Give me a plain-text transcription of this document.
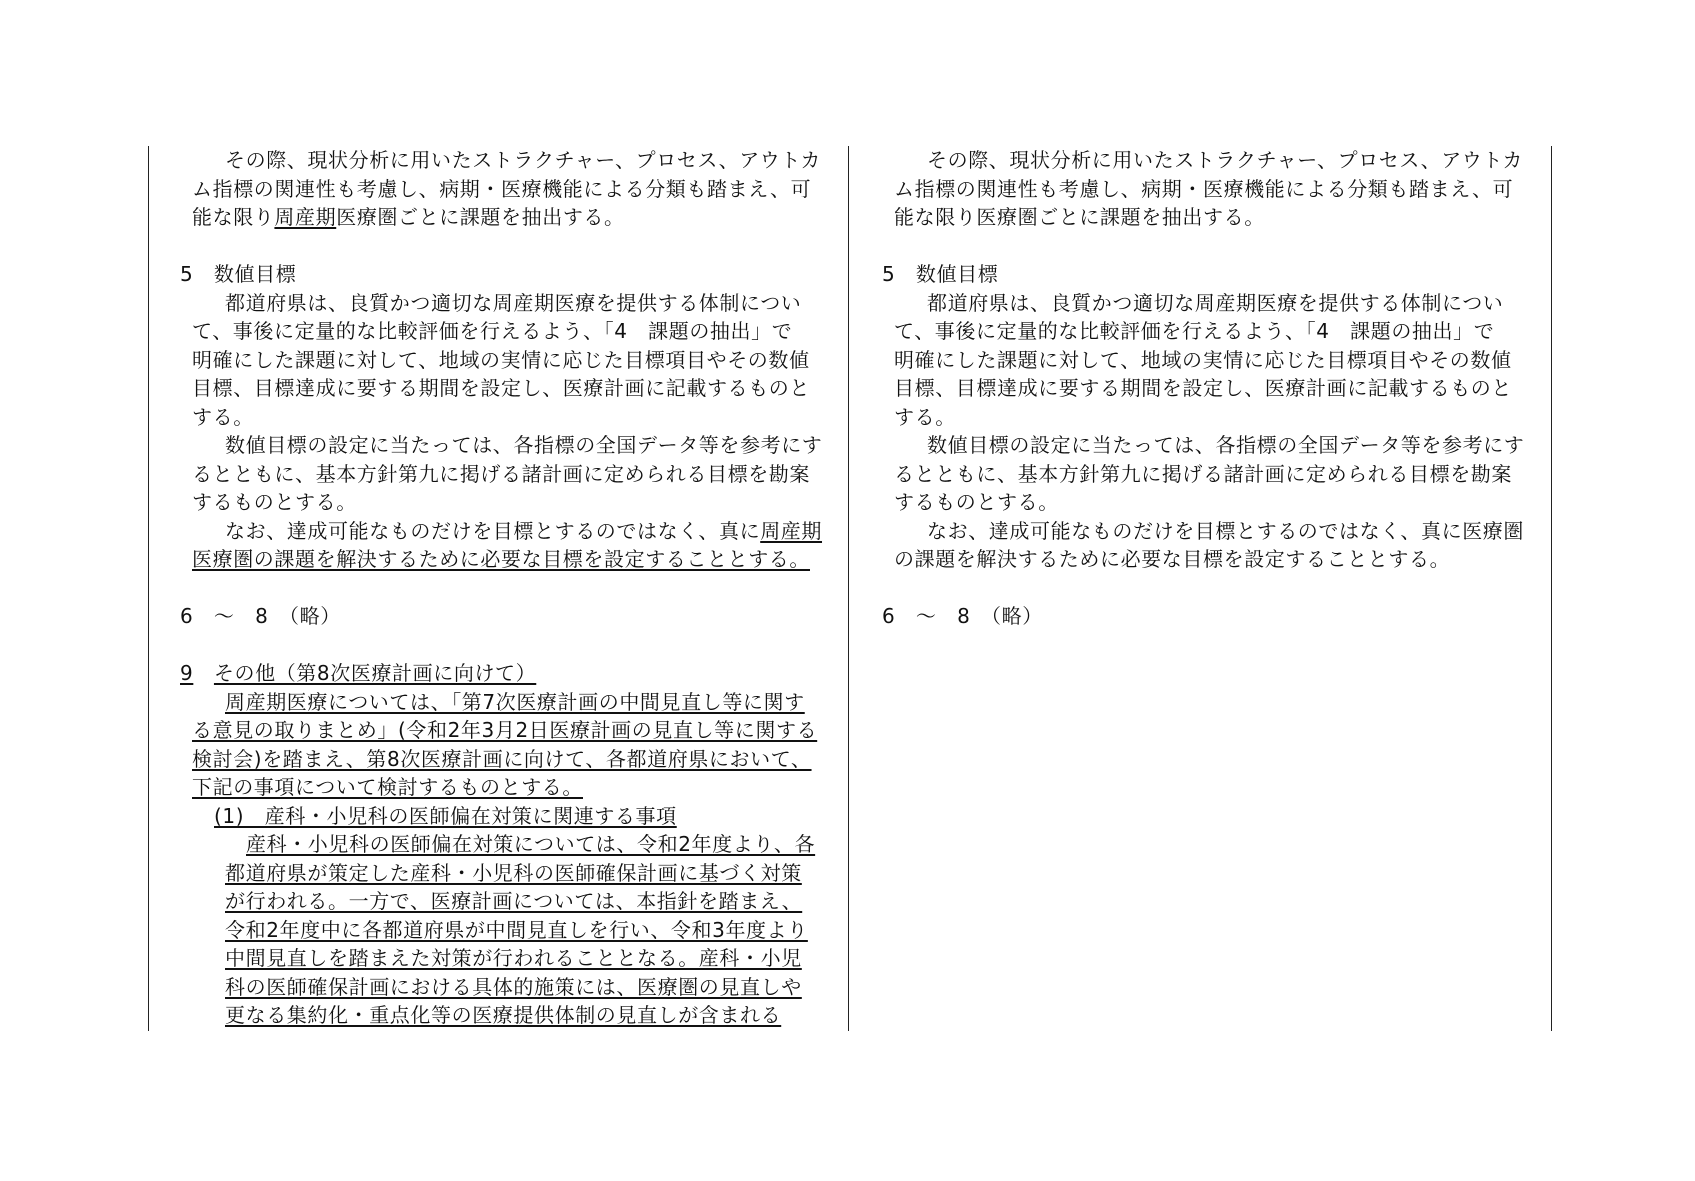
その際、現状分析に用いたストラクチャー、プロセス、アウトカ
ム指標の関連性も考慮し、病期・医療機能による分類も踏まえ、可
能な限り周産期医療圏ごとに課題を抽出する。
5　数値目標
都道府県は、良質かつ適切な周産期医療を提供する体制につい
て、事後に定量的な比較評価を行えるよう、「4　課題の抽出」で
明確にした課題に対して、地域の実情に応じた目標項目やその数値
目標、目標達成に要する期間を設定し、医療計画に記載するものと
する。
数値目標の設定に当たっては、各指標の全国データ等を参考にす
るとともに、基本方針第九に掲げる諸計画に定められる目標を勘案
するものとする。
なお、達成可能なものだけを目標とするのではなく、真に周産期
医療圏の課題を解決するために必要な目標を設定することとする。
6　～　8　（略）
9　 その他（第8次医療計画に向けて）
周産期医療については、「第7次医療計画の中間見直し等に関す
る意見の取りまとめ」(令和2年3月2日医療計画の見直し等に関する
検討会)を踏まえ、第8次医療計画に向けて、各都道府県において、
下記の事項について検討するものとする。
(1)　産科・小児科の医師偏在対策に関連する事項
産科・小児科の医師偏在対策については、令和2年度より、各
都道府県が策定した産科・小児科の医師確保計画に基づく対策
が行われる。一方で、医療計画については、本指針を踏まえ、
令和2年度中に各都道府県が中間見直しを行い、令和3年度より
中間見直しを踏まえた対策が行われることとなる。産科・小児
科の医師確保計画における具体的施策には、医療圏の見直しや
更なる集約化・重点化等の医療提供体制の見直しが含まれる
その際、現状分析に用いたストラクチャー、プロセス、アウトカ
ム指標の関連性も考慮し、病期・医療機能による分類も踏まえ、可
能な限り医療圏ごとに課題を抽出する。
5　数値目標
都道府県は、良質かつ適切な周産期医療を提供する体制につい
て、事後に定量的な比較評価を行えるよう、「4　課題の抽出」で
明確にした課題に対して、地域の実情に応じた目標項目やその数値
目標、目標達成に要する期間を設定し、医療計画に記載するものと
する。
数値目標の設定に当たっては、各指標の全国データ等を参考にす
るとともに、基本方針第九に掲げる諸計画に定められる目標を勘案
するものとする。
なお、達成可能なものだけを目標とするのではなく、真に医療圏
の課題を解決するために必要な目標を設定することとする。
6　～　8　（略）
